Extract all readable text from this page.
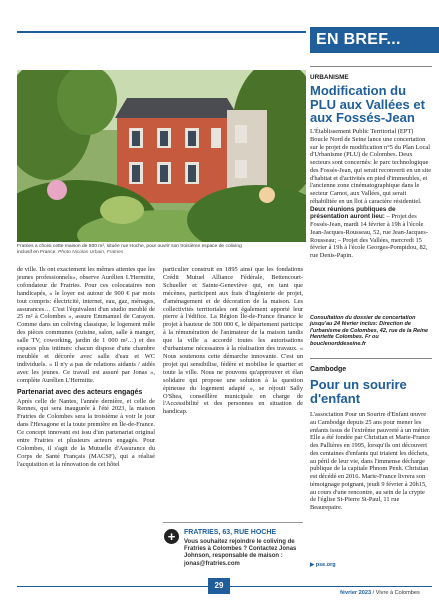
EN BREF...
Fratries a choisi cette maison de 500 m², située rue Hoche, pour ouvrir son troisième espace de coliving
inclusif en France. Photo Nicolas Urbain, Fratries

de ville. Ils ont exactement les mêmes attentes que les jeunes professionnels», observe Aurélien L'Hermitte, cofondateur de Fratries. Pour ces colocataires non handicapés, « le loyer est autour de 900 € par mois tout compris: électricité, internet, eau, gaz, ménages, assurances… C'est l'équivalent d'un studio meublé de 25 m² à Colombes », assure Emmanuel de Carayon. Comme dans un coliving classique, le logement mêle des pièces communes (cuisine, salon, salle à manger, salle TV, coworking, jardin de 1 000 m²…) et des espaces plus intimes: chacun dispose d'une chambre meublée et décorée avec salle d'eau et WC individuels. « Il n'y a pas de relations aidants / aidés avec les jeunes. Ce travail est assuré par Jonas », complète Aurélien L'Hermitte.

Partenariat avec des acteurs engagés

Après celle de Nantes, l'année dernière, et celle de Rennes, qui sera inaugurée à l'été 2023, la maison Fratries de Colombes sera la troisième à voir le jour dans l'Hexagone et la toute première en Île-de-France. Ce concept innovant est issu d'un partenariat original entre Fratries et plusieurs acteurs engagés. Pour Colombes, il s'agit de la Mutuelle d'Assurance du Corps de Santé Français (MACSF), qui a réalisé l'acquisition et la rénovation de cet hôtel

particulier construit en 1895 ainsi que les fondations Crédit Mutuel Alliance Fédérale, Bettencourt-Schueller et Sainte-Geneviève qui, en tant que mécènes, participent aux frais d'ingénierie de projet, d'aménagement et de décoration de la maison. Les collectivités territoriales ont également apporté leur pierre à l'édifice. La Région Île-de-France finance le projet à hauteur de 300 000 €, le département participe à la rémunération de l'animateur de la maison tandis que la ville a accordé toutes les autorisations d'urbanisme nécessaires à la réalisation des travaux. « Nous soutenons cette démarche innovante. C'est un projet qui sensibilise, fédère et mobilise le quartier et toute la ville. Nous ne pouvons qu'approuver et élan solidaire qui propose une solution à la question épineuse du logement adapté », se réjouit Sally O'Shea, conseillère municipale en charge de l'Accessibilité et des personnes en situation de handicap.

+	FRATRIES, 63, RUE HOCHE
Vous souhaitez rejoindre le coliving de Fratries à Colombes ? Contactez Jonas Johnson, responsable de maison : jonas@fratries.com
URBANISME
Modification du PLU aux Vallées et aux Fossés-Jean
L'Établissement Public Territorial (EPT) Boucle Nord de Seine lance une concertation sur le projet de modification n°5 du Plan Local d'Urbanisme (PLU) de Colombes. Deux secteurs sont concernés: le parc technologique des Fossés-Jean, qui serait reconverti en un site d'habitat et d'activités en pied d'immeubles, et l'ancienne zone cinématographique dans le secteur Carnot, aux Vallées, qui serait réhabilitée en un îlot à caractère résidentiel. Deux réunions publiques de présentation auront lieu: – Projet des Fossés-Jean, mardi 14 février à 19h à l'école Jean-Jacques-Rousseau, 52, rue Jean-Jacques-Rousseau; – Projet des Vallées, mercredi 15 février à 19h à l'école Georges-Pompidou, 82, rue Denis-Papin.
Consultation du dossier de concertation jusqu'au 24 février inclus: Direction de l'urbanisme de Colombes, 42, rue de la Reine Henriette Colombes. Fr ou bouclenorddeseine.fr
Cambodge
Pour un sourire d'enfant
L'association Pour un Sourire d'Enfant œuvre au Cambodge depuis 25 ans pour mener les enfants issus de l'extrême pauvreté à un métier. Elle a été fondée par Christian et Marie-France des Pallières en 1995, lorsqu'ils ont découvert des centaines d'enfants qui triaient les déchets, au péril de leur vie, dans l'immense décharge publique de la capitale Phnom Penh. Christian est décédé en 2016. Marie-France livrera son témoignage poignant, jeudi 9 février à 20h15, au cours d'une rencontre, au sein de la crypte de l'église St-Pierre St-Paul, 11 rue Beaurepaire.
▶ pse.org
29
février 2023 / Vivre à Colombes
